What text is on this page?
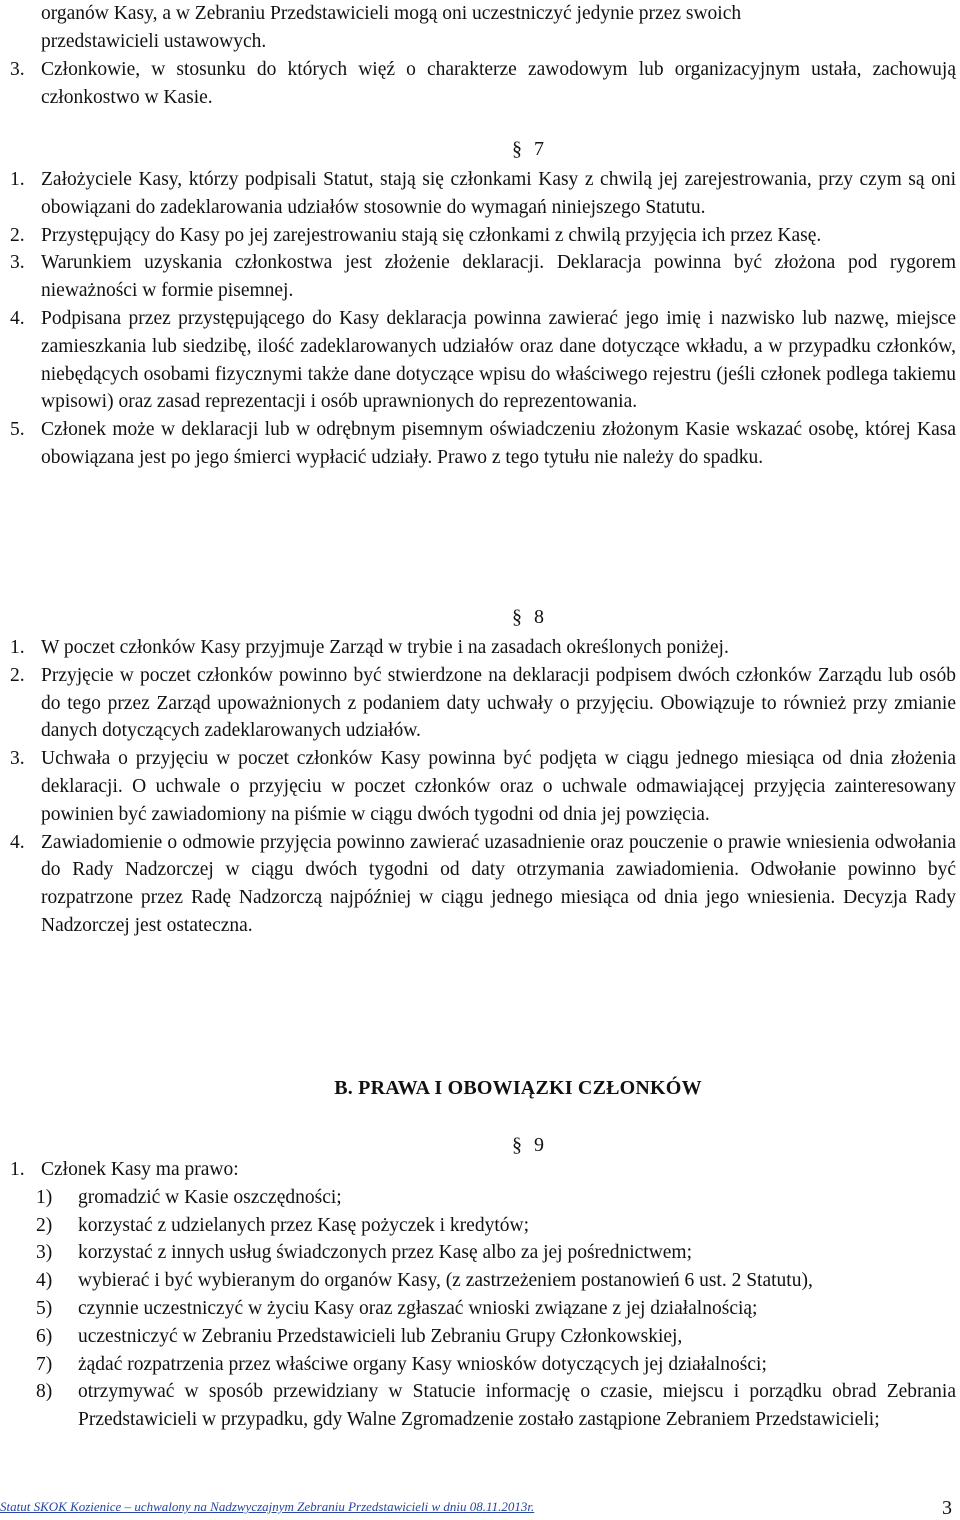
organów Kasy, a w Zebraniu Przedstawicieli mogą oni uczestniczyć jedynie przez swoich
przedstawicieli ustawowych.
3. Członkowie, w stosunku do których więź o charakterze zawodowym lub organizacyjnym ustała, zachowują członkostwo w Kasie.
§ 7
1. Założyciele Kasy, którzy podpisali Statut, stają się członkami Kasy z chwilą jej zarejestrowania, przy czym są oni obowiązani do zadeklarowania udziałów stosownie do wymagań niniejszego Statutu.
2. Przystępujący do Kasy po jej zarejestrowaniu stają się członkami z chwilą przyjęcia ich przez Kasę.
3. Warunkiem uzyskania członkostwa jest złożenie deklaracji. Deklaracja powinna być złożona pod rygorem nieważności w formie pisemnej.
4. Podpisana przez przystępującego do Kasy deklaracja powinna zawierać jego imię i nazwisko lub nazwę, miejsce zamieszkania lub siedzibę, ilość zadeklarowanych udziałów oraz dane dotyczące wkładu, a w przypadku członków, niebędących osobami fizycznymi także dane dotyczące wpisu do właściwego rejestru (jeśli członek podlega takiemu wpisowi) oraz zasad reprezentacji i osób uprawnionych do reprezentowania.
5. Członek może w deklaracji lub w odrębnym pisemnym oświadczeniu złożonym Kasie wskazać osobę, której Kasa obowiązana jest po jego śmierci wypłacić udziały. Prawo z tego tytułu nie należy do spadku.
§ 8
1. W poczet członków Kasy przyjmuje Zarząd w trybie i na zasadach określonych poniżej.
2. Przyjęcie w poczet członków powinno być stwierdzone na deklaracji podpisem dwóch członków Zarządu lub osób do tego przez Zarząd upoważnionych z podaniem daty uchwały o przyjęciu. Obowiązuje to również przy zmianie danych dotyczących zadeklarowanych udziałów.
3. Uchwała o przyjęciu w poczet członków Kasy powinna być podjęta w ciągu jednego miesiąca od dnia złożenia deklaracji. O uchwale o przyjęciu w poczet członków oraz o uchwale odmawiającej przyjęcia zainteresowany powinien być zawiadomiony na piśmie w ciągu dwóch tygodni od dnia jej powzięcia.
4. Zawiadomienie o odmowie przyjęcia powinno zawierać uzasadnienie oraz pouczenie o prawie wniesienia odwołania do Rady Nadzorczej w ciągu dwóch tygodni od daty otrzymania zawiadomienia. Odwołanie powinno być rozpatrzone przez Radę Nadzorczą najpóźniej w ciągu jednego miesiąca od dnia jego wniesienia. Decyzja Rady Nadzorczej jest ostateczna.
B. PRAWA I OBOWIĄZKI CZŁONKÓW
§ 9
1. Członek Kasy ma prawo:
1)	gromadzić w Kasie oszczędności;
2)	korzystać z udzielanych przez Kasę pożyczek i kredytów;
3)	korzystać z innych usług świadczonych przez Kasę albo za jej pośrednictwem;
4)	wybierać i być wybieranym do organów Kasy, (z zastrzeżeniem postanowień 6 ust. 2 Statutu),
5)	czynnie uczestniczyć w życiu Kasy oraz zgłaszać wnioski związane z jej działalnością;
6)	uczestniczyć w Zebraniu Przedstawicieli lub Zebraniu Grupy Członkowskiej,
7)	żądać rozpatrzenia przez właściwe organy Kasy wniosków dotyczących jej działalności;
8)	otrzymywać w sposób przewidziany w Statucie informację o czasie, miejscu i porządku obrad Zebrania Przedstawicieli w przypadku, gdy Walne Zgromadzenie zostało zastąpione Zebraniem Przedstawicieli;
Statut SKOK Kozienice – uchwalony na Nadzwyczajnym Zebraniu Przedstawicieli w dniu 08.11.2013r.	3
